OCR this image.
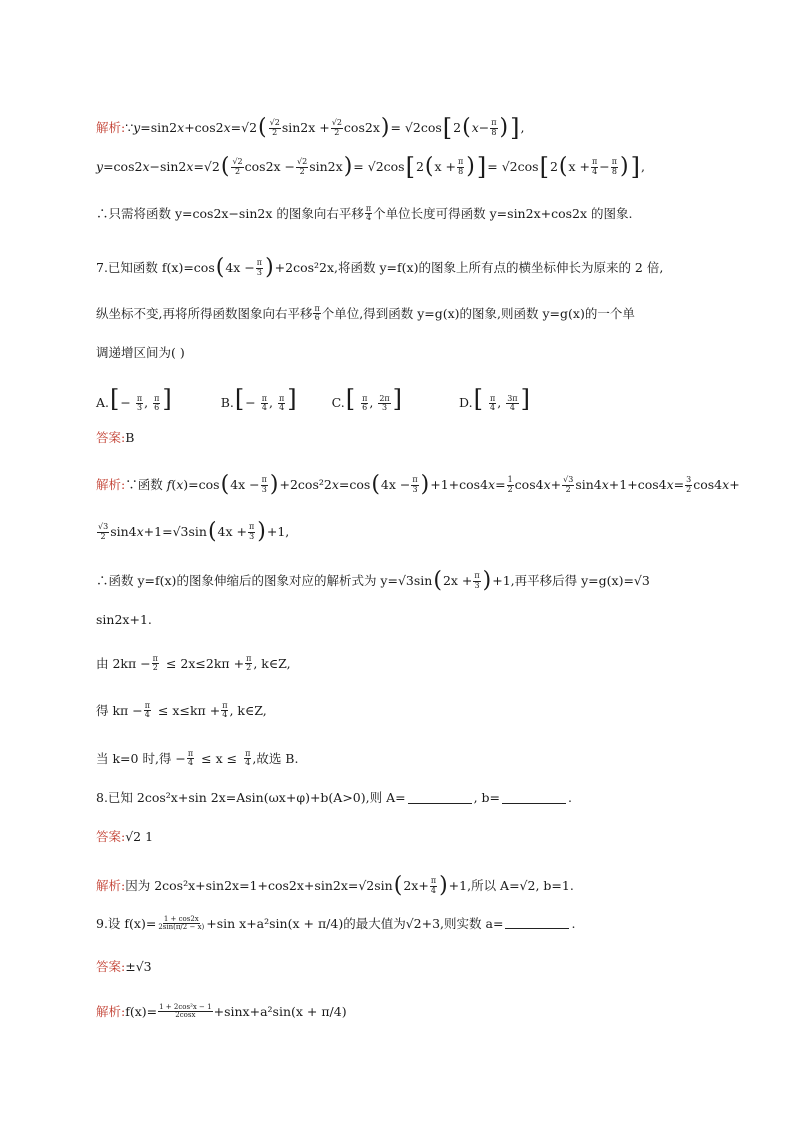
解析: ∵y=sin2x+cos2x=√2 ( $\frac{√2}{2} \sin 2x + \frac{√2}{2} \cos 2x$ ) = √2cos [ 2 ( $x - \frac{\pi}{8}$ ) ] ,
y=cos2x−sin2x=√2 ( $\frac{√2}{2} \cos 2x - \frac{√2}{2} \sin 2x$ ) = √2cos [ 2 ( $x + \frac{\pi}{8}$ ) ] = √2cos [ 2 ( $x + \frac{\pi}{4} - \frac{\pi}{8}$ ) ] ,
∴只需将函数 y=cos2x−sin2x 的图象向右平移 $\frac{\pi}{4}$ 个单位长度可得函数 y=sin2x+cos2x 的图象.
7.已知函数 f(x)=cos ( $4x - \frac{\pi}{3}$ ) +2cos²2x,将函数 y=f(x)的图象上所有点的横坐标伸长为原来的 2 倍,
纵坐标不变,再将所得函数图象向右平移 $\frac{\pi}{6}$ 个单位,得到函数 y=g(x)的图象,则函数 y=g(x)的一个单
调递增区间为( )
$A.[- \frac{\pi}{3}$ , $\frac{\pi}{6}$ ]	$B.[- \frac{\pi}{4}$ , $\frac{\pi}{4}$ ]	$C.[ \frac{\pi}{6}$ , $\frac{2\pi}{3}$ ]	$D.[ \frac{\pi}{4}$ , $\frac{3\pi}{4}$ ]
答案: B
解析: ∵函数 f(x)=cos ( $4x - \frac{\pi}{3}$ ) +2cos²2x=cos ( $4x - \frac{\pi}{3}$ ) $+1+\cos 4x= \frac{1}{2} \cos 4x+ \frac{√3}{2} \sin 4x+1+\cos 4x= \frac{3}{2} \cos 4x+$
$\frac{√3}{2} \sin 4x+1=√3\sin$ ( $4x + \frac{\pi}{3}$ ) +1,
∴函数 y=f(x)的图象伸缩后的图象对应的解析式为 y=√3sin ( $2x + \frac{\pi}{3}$ ) +1,再平移后得 y=g(x)=√3
sin2x+1.
由 $2k\pi - \frac{\pi}{2} \le 2x\le 2k\pi + \frac{\pi}{2}$ , k∈Z,
得 $k\pi - \frac{\pi}{4} \le x\le k\pi + \frac{\pi}{4}$ , k∈Z,
当 k=0 时,得 − $\frac{\pi}{4} \le x \le \frac{\pi}{4}$ ,故选 B.
8.已知 2cos²x+sin 2x=Asin(ωx+φ)+b(A>0),则 A=	, b=	.
答案: √2 1
解析: 因为 2cos²x+sin2x=1+cos2x+sin2x=√2sin ( $2x+ \frac{\pi}{4}$ ) +1,所以 A=√2, b=1.
9.设 $f(x)= \frac{1 + \cos 2x}{2\sin(\pi/2 - x)} +\sin$ x+a²sin(x + π/4)的最大值为√2+3,则实数 a=	.
答案: ±√3
解析: $f(x)= \frac{\text{1 + 2cos²x − 1}}{2\cos x} +\sin x+a^2\sin(x + \pi/4)$
